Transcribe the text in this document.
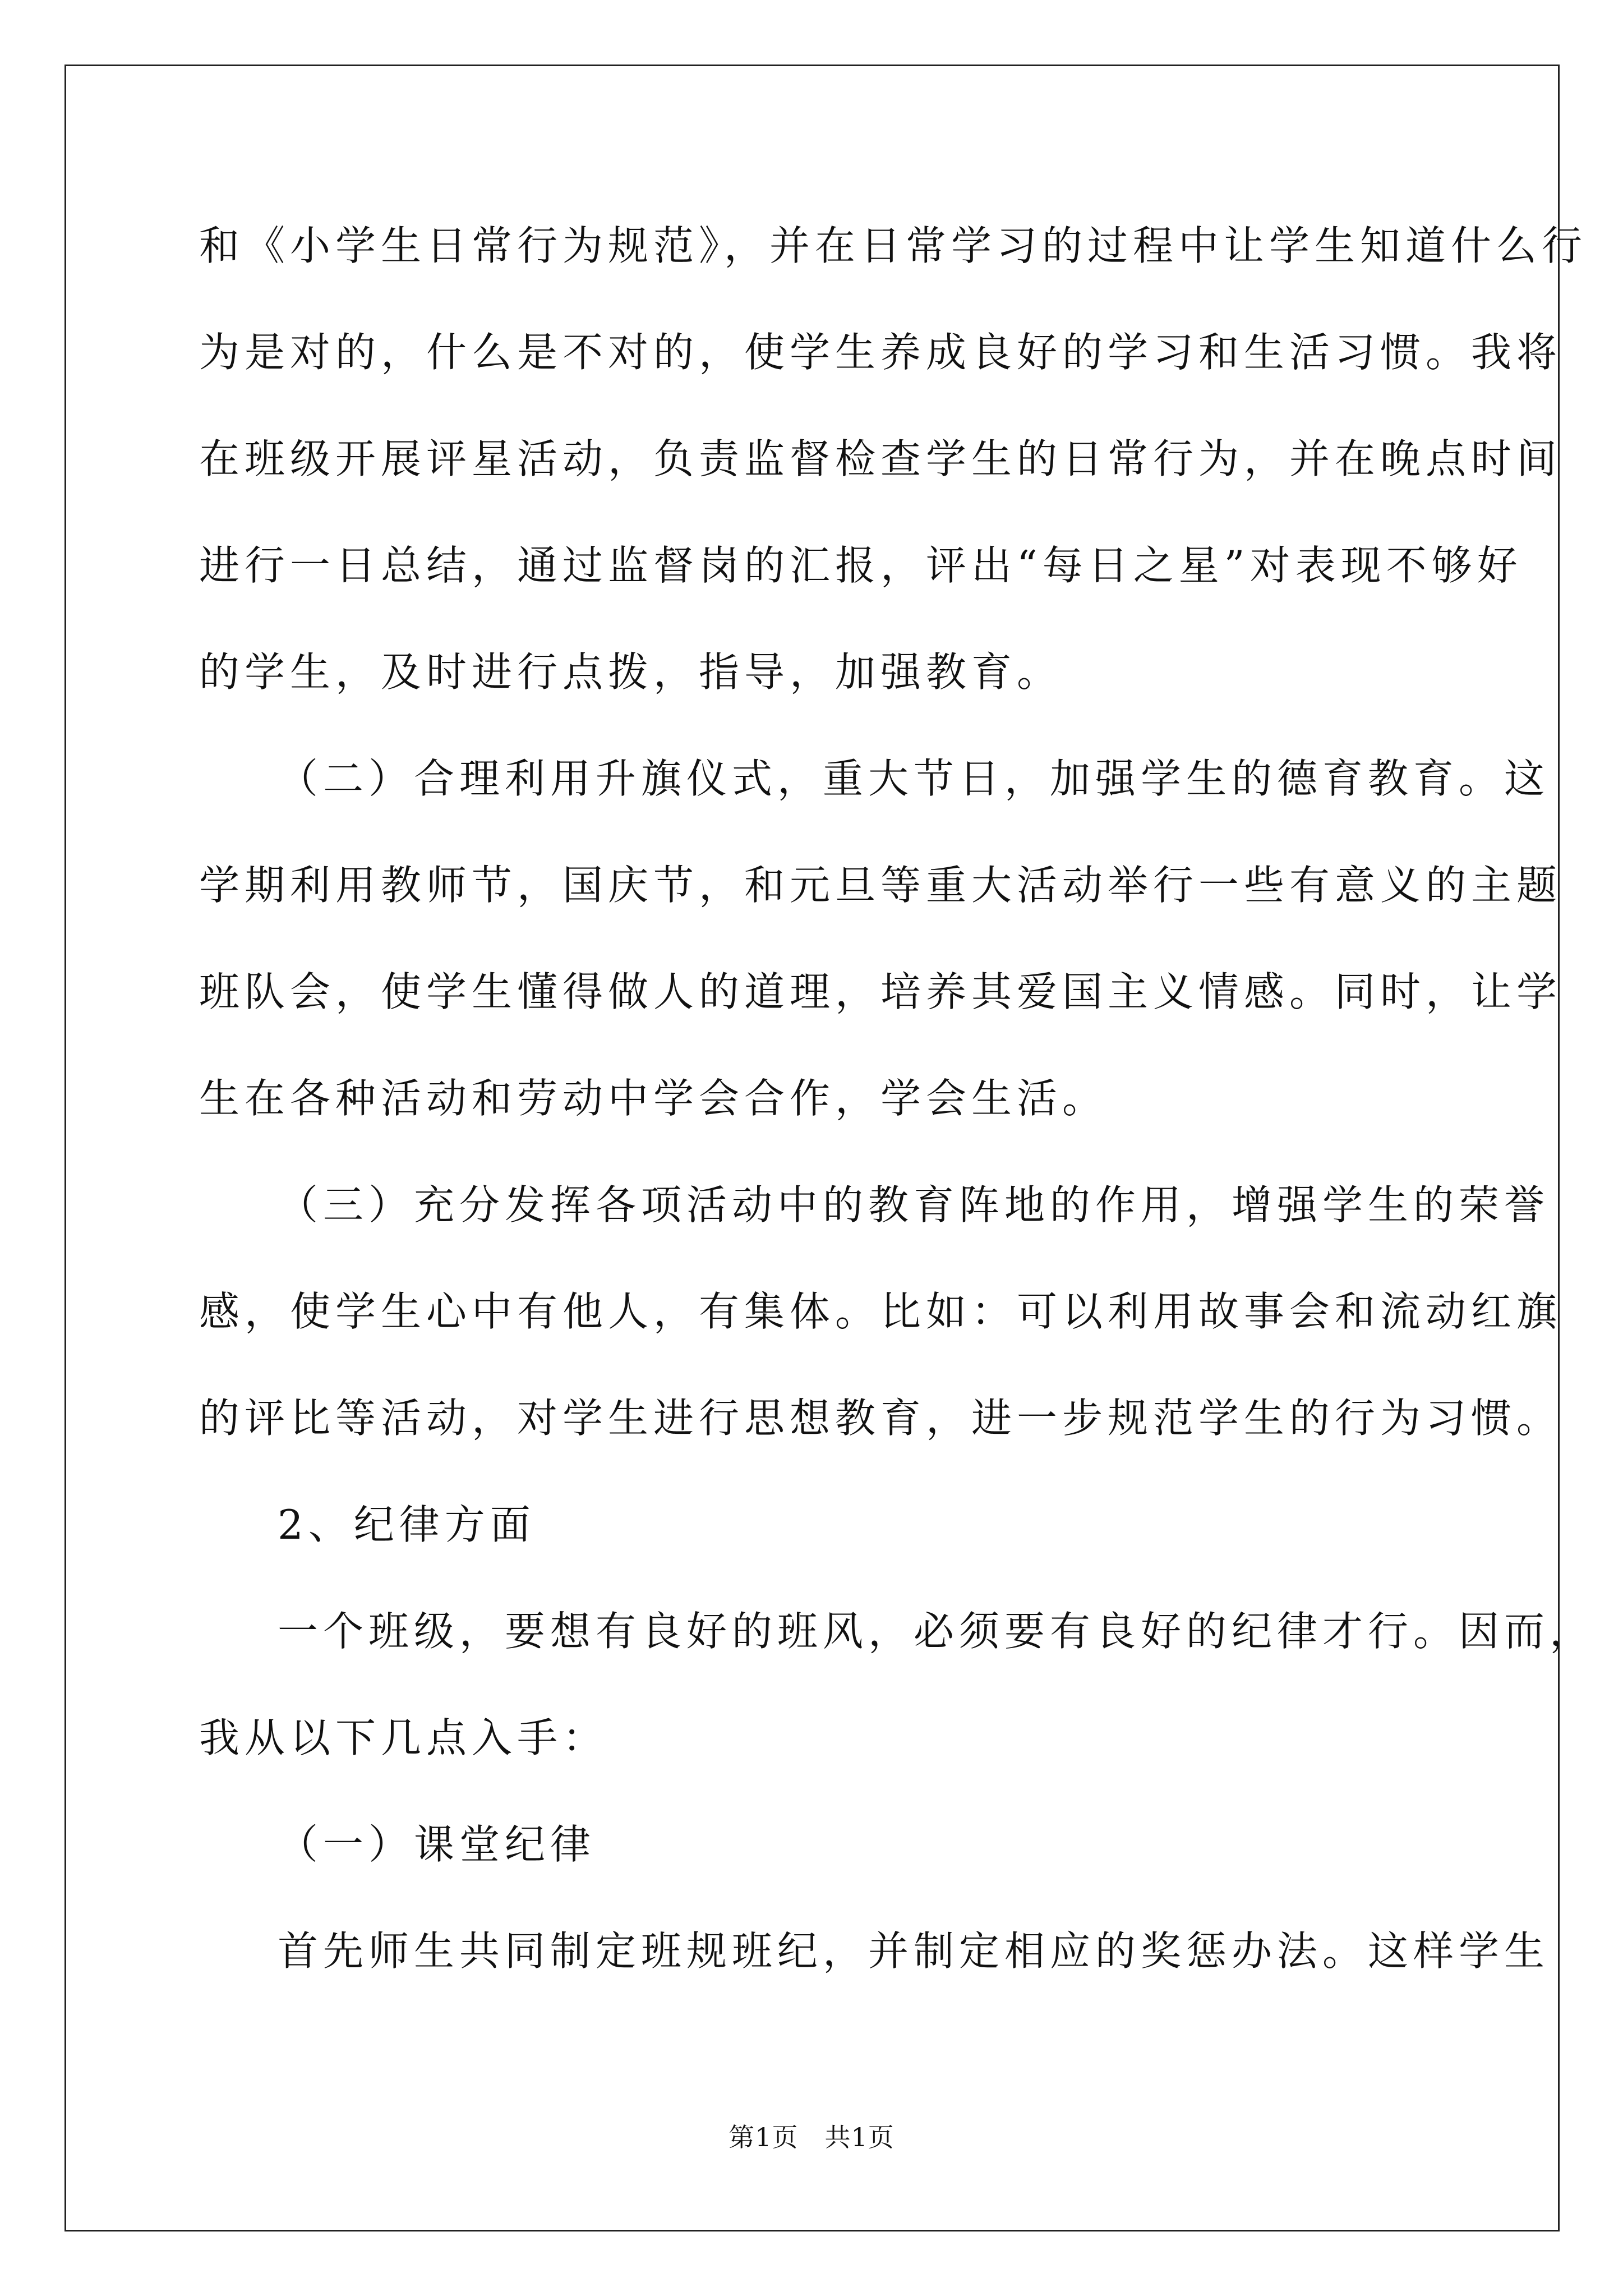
和《小学生日常行为规范》，并在日常学习的过程中让学生知道什么行
为是对的，什么是不对的，使学生养成良好的学习和生活习惯。我将
在班级开展评星活动，负责监督检查学生的日常行为，并在晚点时间
进行一日总结，通过监督岗的汇报，评出“每日之星”对表现不够好
的学生，及时进行点拨，指导，加强教育。
（二）合理利用升旗仪式，重大节日，加强学生的德育教育。这
学期利用教师节，国庆节，和元旦等重大活动举行一些有意义的主题
班队会，使学生懂得做人的道理，培养其爱国主义情感。同时，让学
生在各种活动和劳动中学会合作，学会生活。
（三）充分发挥各项活动中的教育阵地的作用，增强学生的荣誉
感，使学生心中有他人，有集体。比如：可以利用故事会和流动红旗
的评比等活动，对学生进行思想教育，进一步规范学生的行为习惯。
2、纪律方面
一个班级，要想有良好的班风，必须要有良好的纪律才行。因而，
我从以下几点入手：
（一）课堂纪律
首先师生共同制定班规班纪，并制定相应的奖惩办法。这样学生
第1页 共1页
